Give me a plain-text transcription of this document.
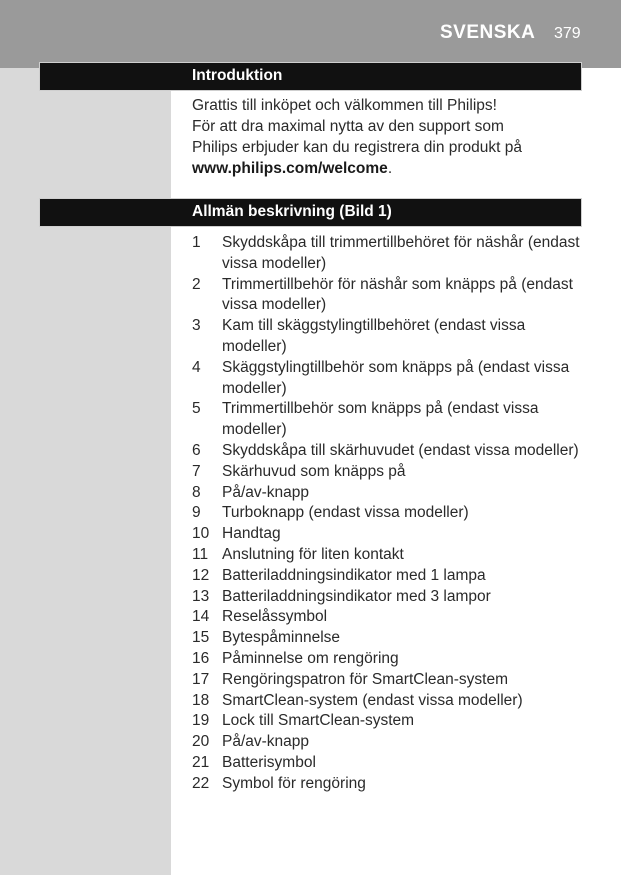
SVENSKA 379
Introduktion

Grattis till inköpet och välkommen till Philips!

För att dra maximal nytta av den support som

Philips erbjuder kan du registrera din produkt på

www.philips.com/welcome.

Allmän beskrivning (Bild 1)
1 Skyddskåpa till trimmertillbehöret för näshår (endast vissa modeller)
2 Trimmertillbehör för näshår som knäpps på (endast vissa modeller)
3 Kam till skäggstylingtillbehöret (endast vissa modeller)
4 Skäggstylingtillbehör som knäpps på (endast vissa modeller)
5 Trimmertillbehör som knäpps på (endast vissa modeller)
6 Skyddskåpa till skärhuvudet (endast vissa modeller)
7 Skärhuvud som knäpps på
8 På/av-knapp
9 Turboknapp (endast vissa modeller)
10 Handtag
11 Anslutning för liten kontakt
12 Batteriladdningsindikator med 1 lampa
13 Batteriladdningsindikator med 3 lampor
14 Reselåssymbol
15 Bytespåminnelse
16 Påminnelse om rengöring
17 Rengöringspatron för SmartClean-system
18 SmartClean-system (endast vissa modeller)
19 Lock till SmartClean-system
20 På/av-knapp
21 Batterisymbol
22 Symbol för rengöring
